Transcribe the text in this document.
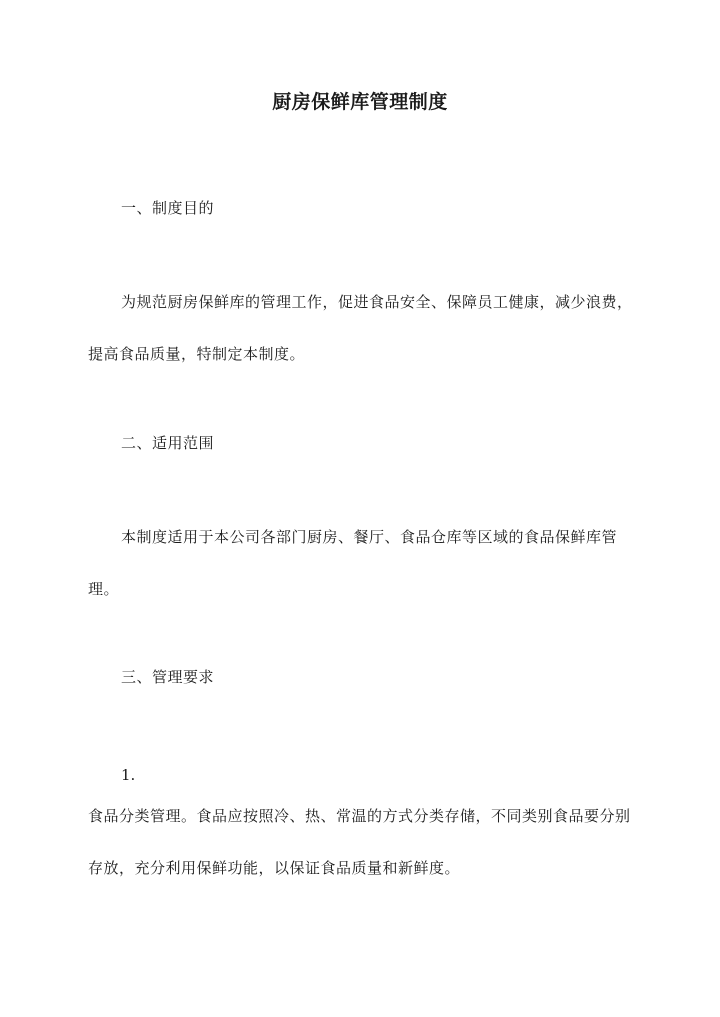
厨房保鲜库管理制度
一、制度目的

为规范厨房保鲜库的管理工作，促进食品安全、保障员工健康，减少浪费，提高食品质量，特制定本制度。

二、适用范围

本制度适用于本公司各部门厨房、餐厅、食品仓库等区域的食品保鲜库管理。

三、管理要求
1.

食品分类管理。食品应按照冷、热、常温的方式分类存储，不同类别食品要分别存放，充分利用保鲜功能，以保证食品质量和新鲜度。
